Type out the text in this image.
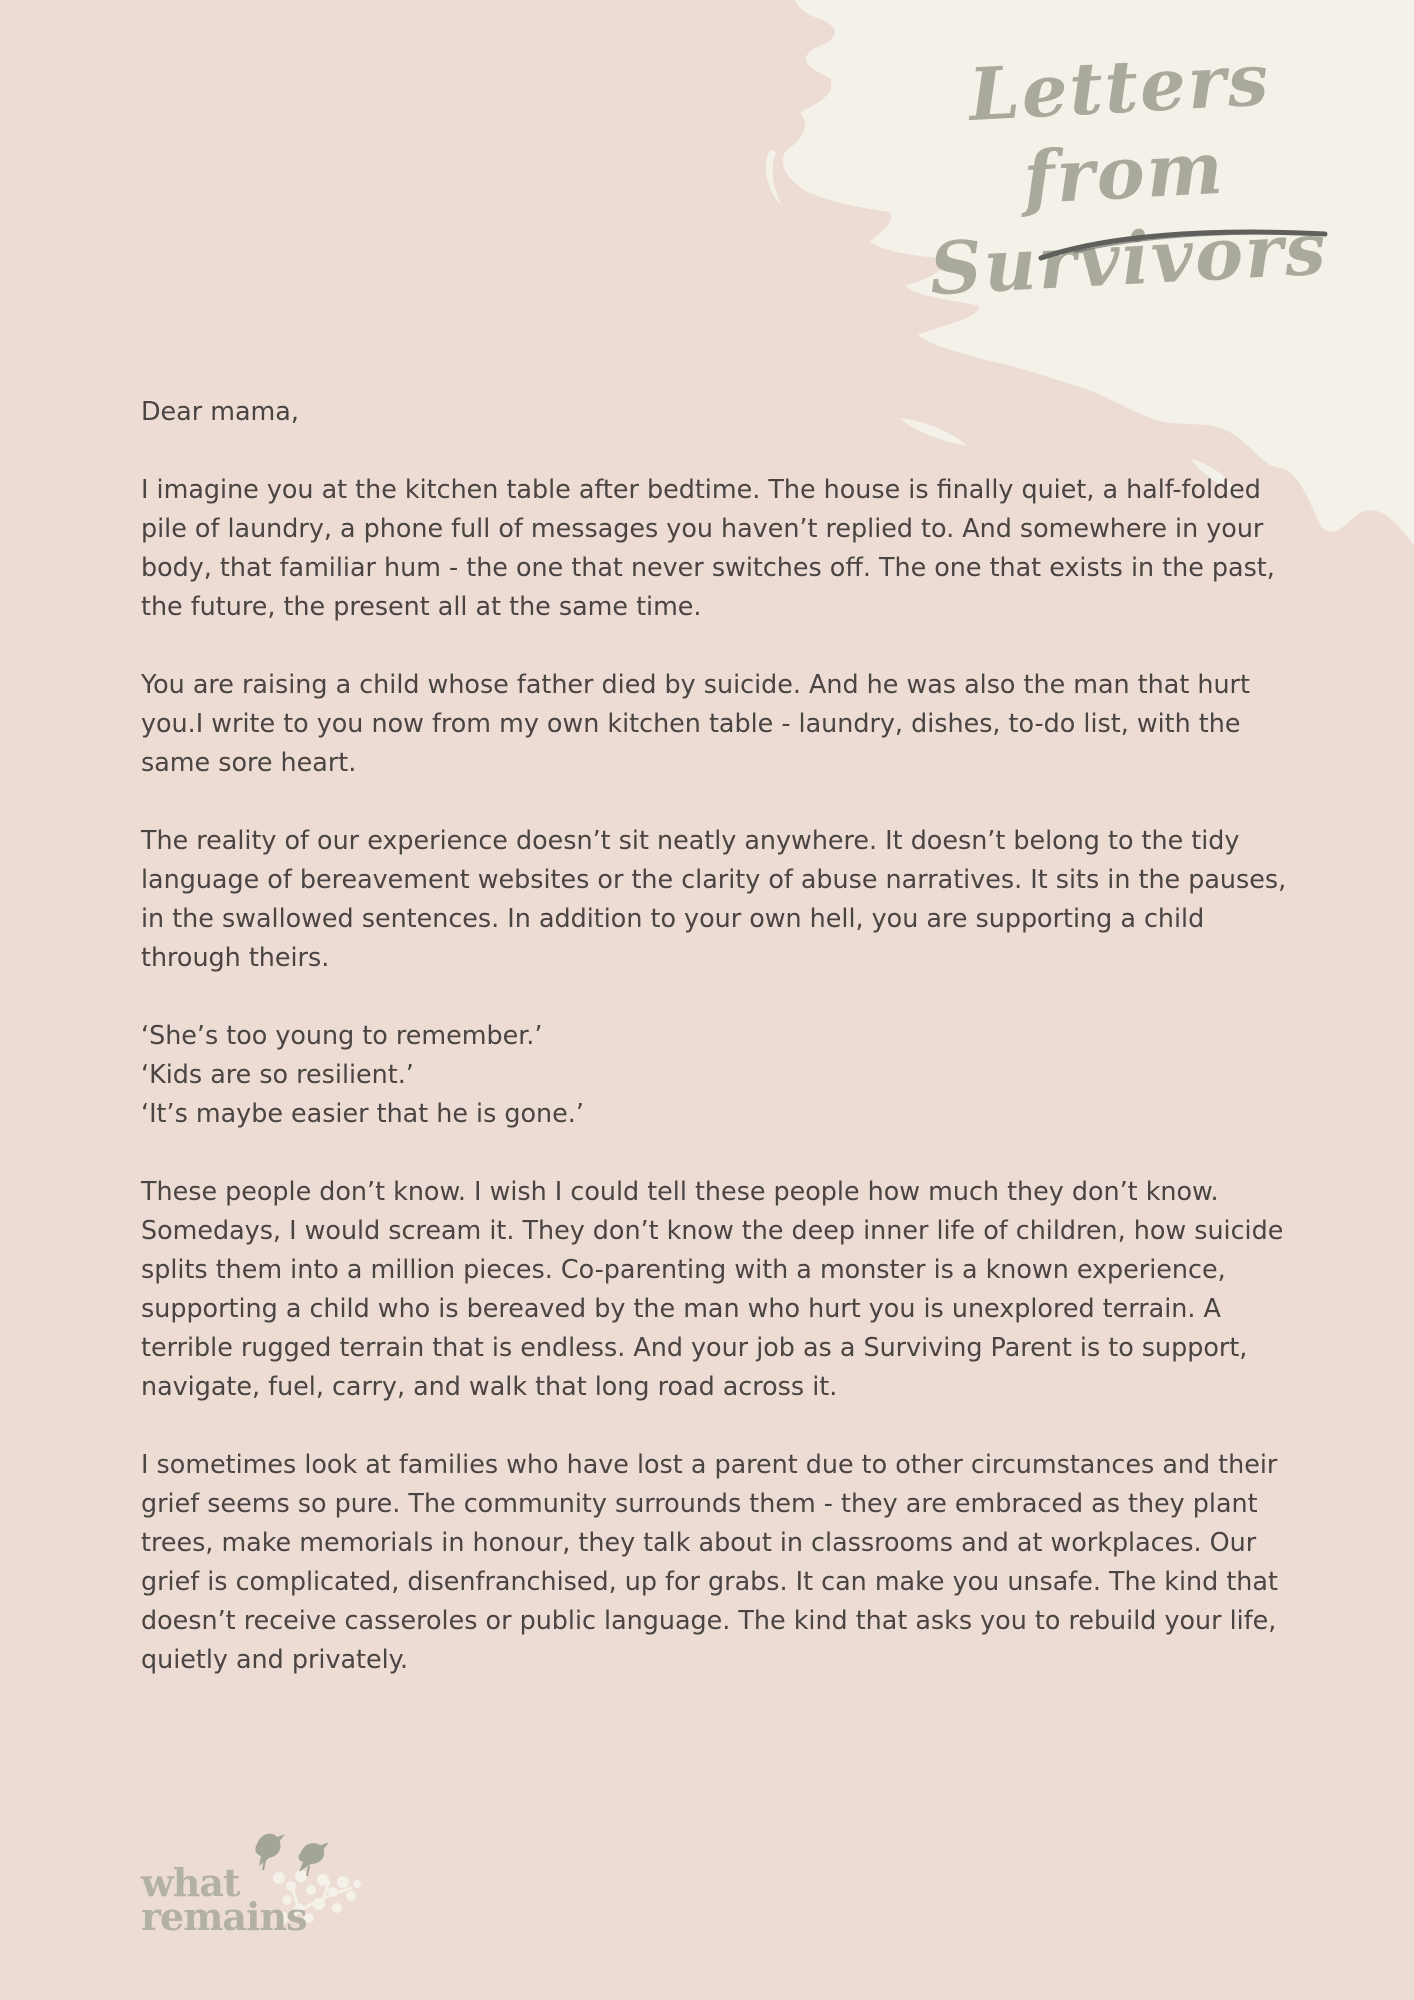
Letters from
Survivors

Dear mama,

I imagine you at the kitchen table after bedtime. The house is finally quiet, a half-folded pile of laundry, a phone full of messages you haven’t replied to. And somewhere in your body, that familiar hum - the one that never switches off. The one that exists in the past, the future, the present all at the same time.

You are raising a child whose father died by suicide. And he was also the man that hurt you.I write to you now from my own kitchen table - laundry, dishes, to-do list, with the same sore heart.

The reality of our experience doesn’t sit neatly anywhere. It doesn’t belong to the tidy language of bereavement websites or the clarity of abuse narratives. It sits in the pauses, in the swallowed sentences. In addition to your own hell, you are supporting a child through theirs.

‘She’s too young to remember.’
‘Kids are so resilient.’
‘It’s maybe easier that he is gone.’

These people don’t know. I wish I could tell these people how much they don’t know. Somedays, I would scream it. They don’t know the deep inner life of children, how suicide splits them into a million pieces. Co-parenting with a monster is a known experience, supporting a child who is bereaved by the man who hurt you is unexplored terrain. A terrible rugged terrain that is endless. And your job as a Surviving Parent is to support, navigate, fuel, carry, and walk that long road across it.

I sometimes look at families who have lost a parent due to other circumstances and their grief seems so pure. The community surrounds them - they are embraced as they plant trees, make memorials in honour, they talk about in classrooms and at workplaces. Our grief is complicated, disenfranchised, up for grabs. It can make you unsafe. The kind that doesn’t receive casseroles or public language. The kind that asks you to rebuild your life, quietly and privately.

what
remains
